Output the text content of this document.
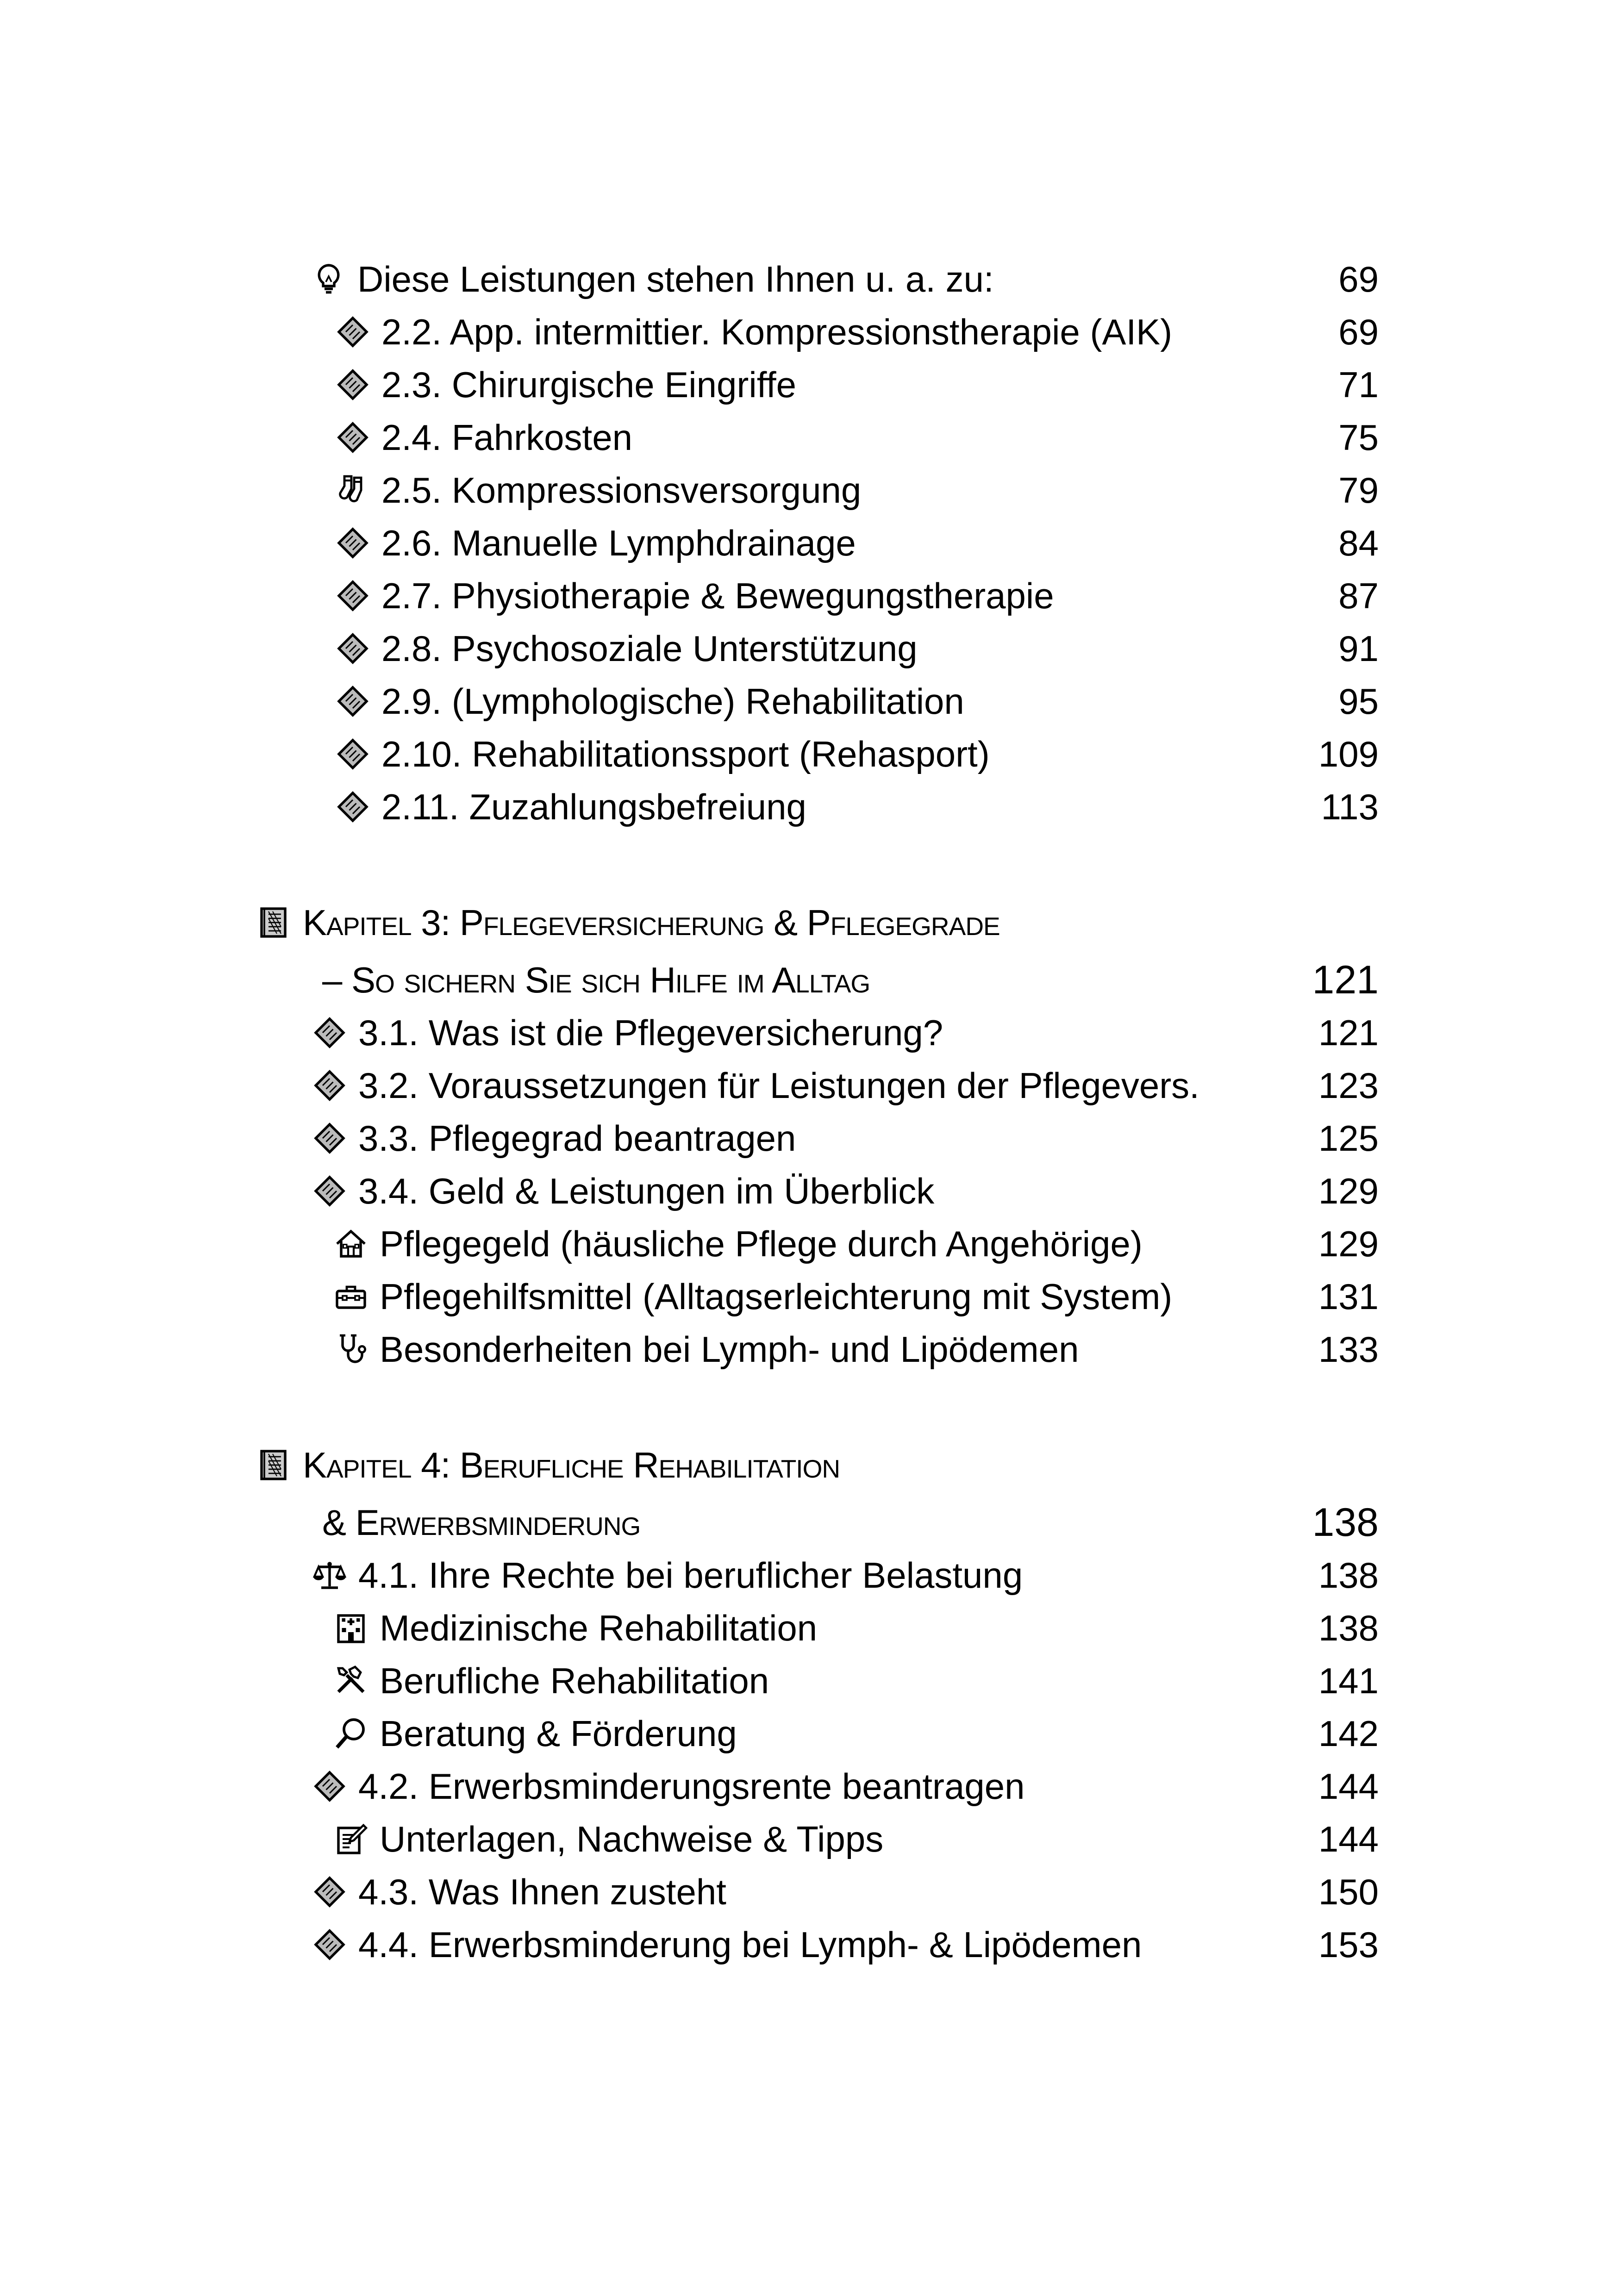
Diese Leistungen stehen Ihnen u. a. zu:	69
2.2. App. intermittier. Kompressionstherapie (AIK)	69
2.3. Chirurgische Eingriffe	71
2.4. Fahrkosten	75
2.5. Kompressionsversorgung	79
2.6. Manuelle Lymphdrainage	84
2.7. Physiotherapie & Bewegungstherapie	87
2.8. Psychosoziale Unterstützung	91
2.9. (Lymphologische) Rehabilitation	95
2.10. Rehabilitationssport (Rehasport)	109
2.11. Zuzahlungsbefreiung	113
Kapitel 3: Pflegeversicherung & Pflegegrade
– So sichern Sie sich Hilfe im Alltag	121
3.1. Was ist die Pflegeversicherung?	121
3.2. Voraussetzungen für Leistungen der Pflegevers.	123
3.3. Pflegegrad beantragen	125
3.4. Geld & Leistungen im Überblick	129
Pflegegeld (häusliche Pflege durch Angehörige)	129
Pflegehilfsmittel (Alltagserleichterung mit System)	131
Besonderheiten bei Lymph- und Lipödemen	133
Kapitel 4: Berufliche Rehabilitation
& Erwerbsminderung	138
4.1. Ihre Rechte bei beruflicher Belastung	138
Medizinische Rehabilitation	138
Berufliche Rehabilitation	141
Beratung & Förderung	142
4.2. Erwerbsminderungsrente beantragen	144
Unterlagen, Nachweise & Tipps	144
4.3. Was Ihnen zusteht	150
4.4. Erwerbsminderung bei Lymph- & Lipödemen	153
